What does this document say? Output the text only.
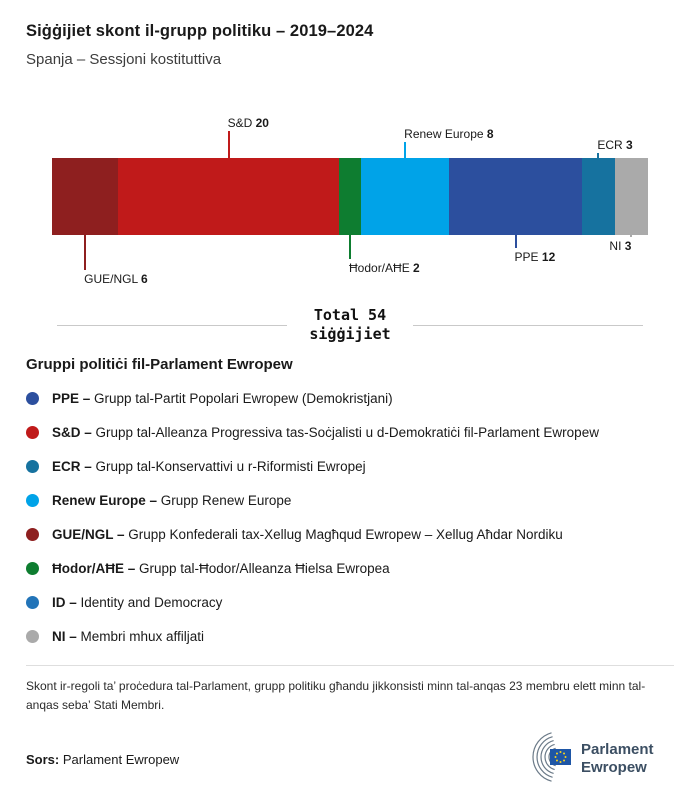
Siġġijiet skont il-grupp politiku – 2019–2024
Spanja – Sessjoni kostituttiva
GUE/NGL 6
S&D 20
Ħodor/AĦE 2
Renew Europe 8
PPE 12
ECR 3
NI 3
Total 54
siġġijiet
Gruppi politiċi fil-Parlament Ewropew
PPE – Grupp tal-Partit Popolari Ewropew (Demokristjani)
S&D – Grupp tal-Alleanza Progressiva tas-Soċjalisti u d-Demokratiċi fil-Parlament Ewropew
ECR – Grupp tal-Konservattivi u r-Riformisti Ewropej
Renew Europe – Grupp Renew Europe
GUE/NGL – Grupp Konfederali tax-Xellug Magħqud Ewropew – Xellug Aħdar Nordiku
Ħodor/AĦE – Grupp tal-Ħodor/Alleanza Ħielsa Ewropea
ID – Identity and Democracy
NI – Membri mhux affiljati
Skont ir-regoli ta’ proċedura tal-Parlament, grupp politiku għandu jikkonsisti minn tal-anqas 23 membru elett minn tal-anqas seba’ Stati Membri.
Sors: Parlament Ewropew
Parlament
Ewropew
